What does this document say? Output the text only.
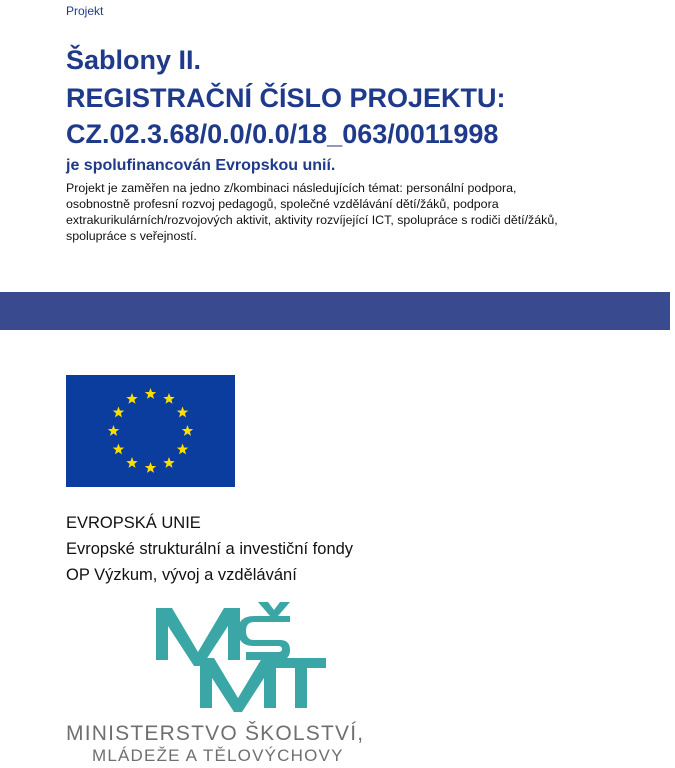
Projekt
Šablony II.
REGISTRAČNÍ ČÍSLO PROJEKTU:
CZ.02.3.68/0.0/0.0/18_063/0011998
je spolufinancován Evropskou unií.
Projekt je zaměřen na jedno z/kombinaci následujících témat: personální podpora, osobnostně profesní rozvoj pedagogů, společné vzdělávání dětí/žáků, podpora extrakurikulárních/rozvojových aktivit, aktivity rozvíjející ICT, spolupráce s rodiči dětí/žáků, spolupráce s veřejností.
EVROPSKÁ UNIE
Evropské strukturální a investiční fondy
OP Výzkum, vývoj a vzdělávání
MINISTERSTVO ŠKOLSTVÍ,
MLÁDEŽE A TĚLOVÝCHOVY
